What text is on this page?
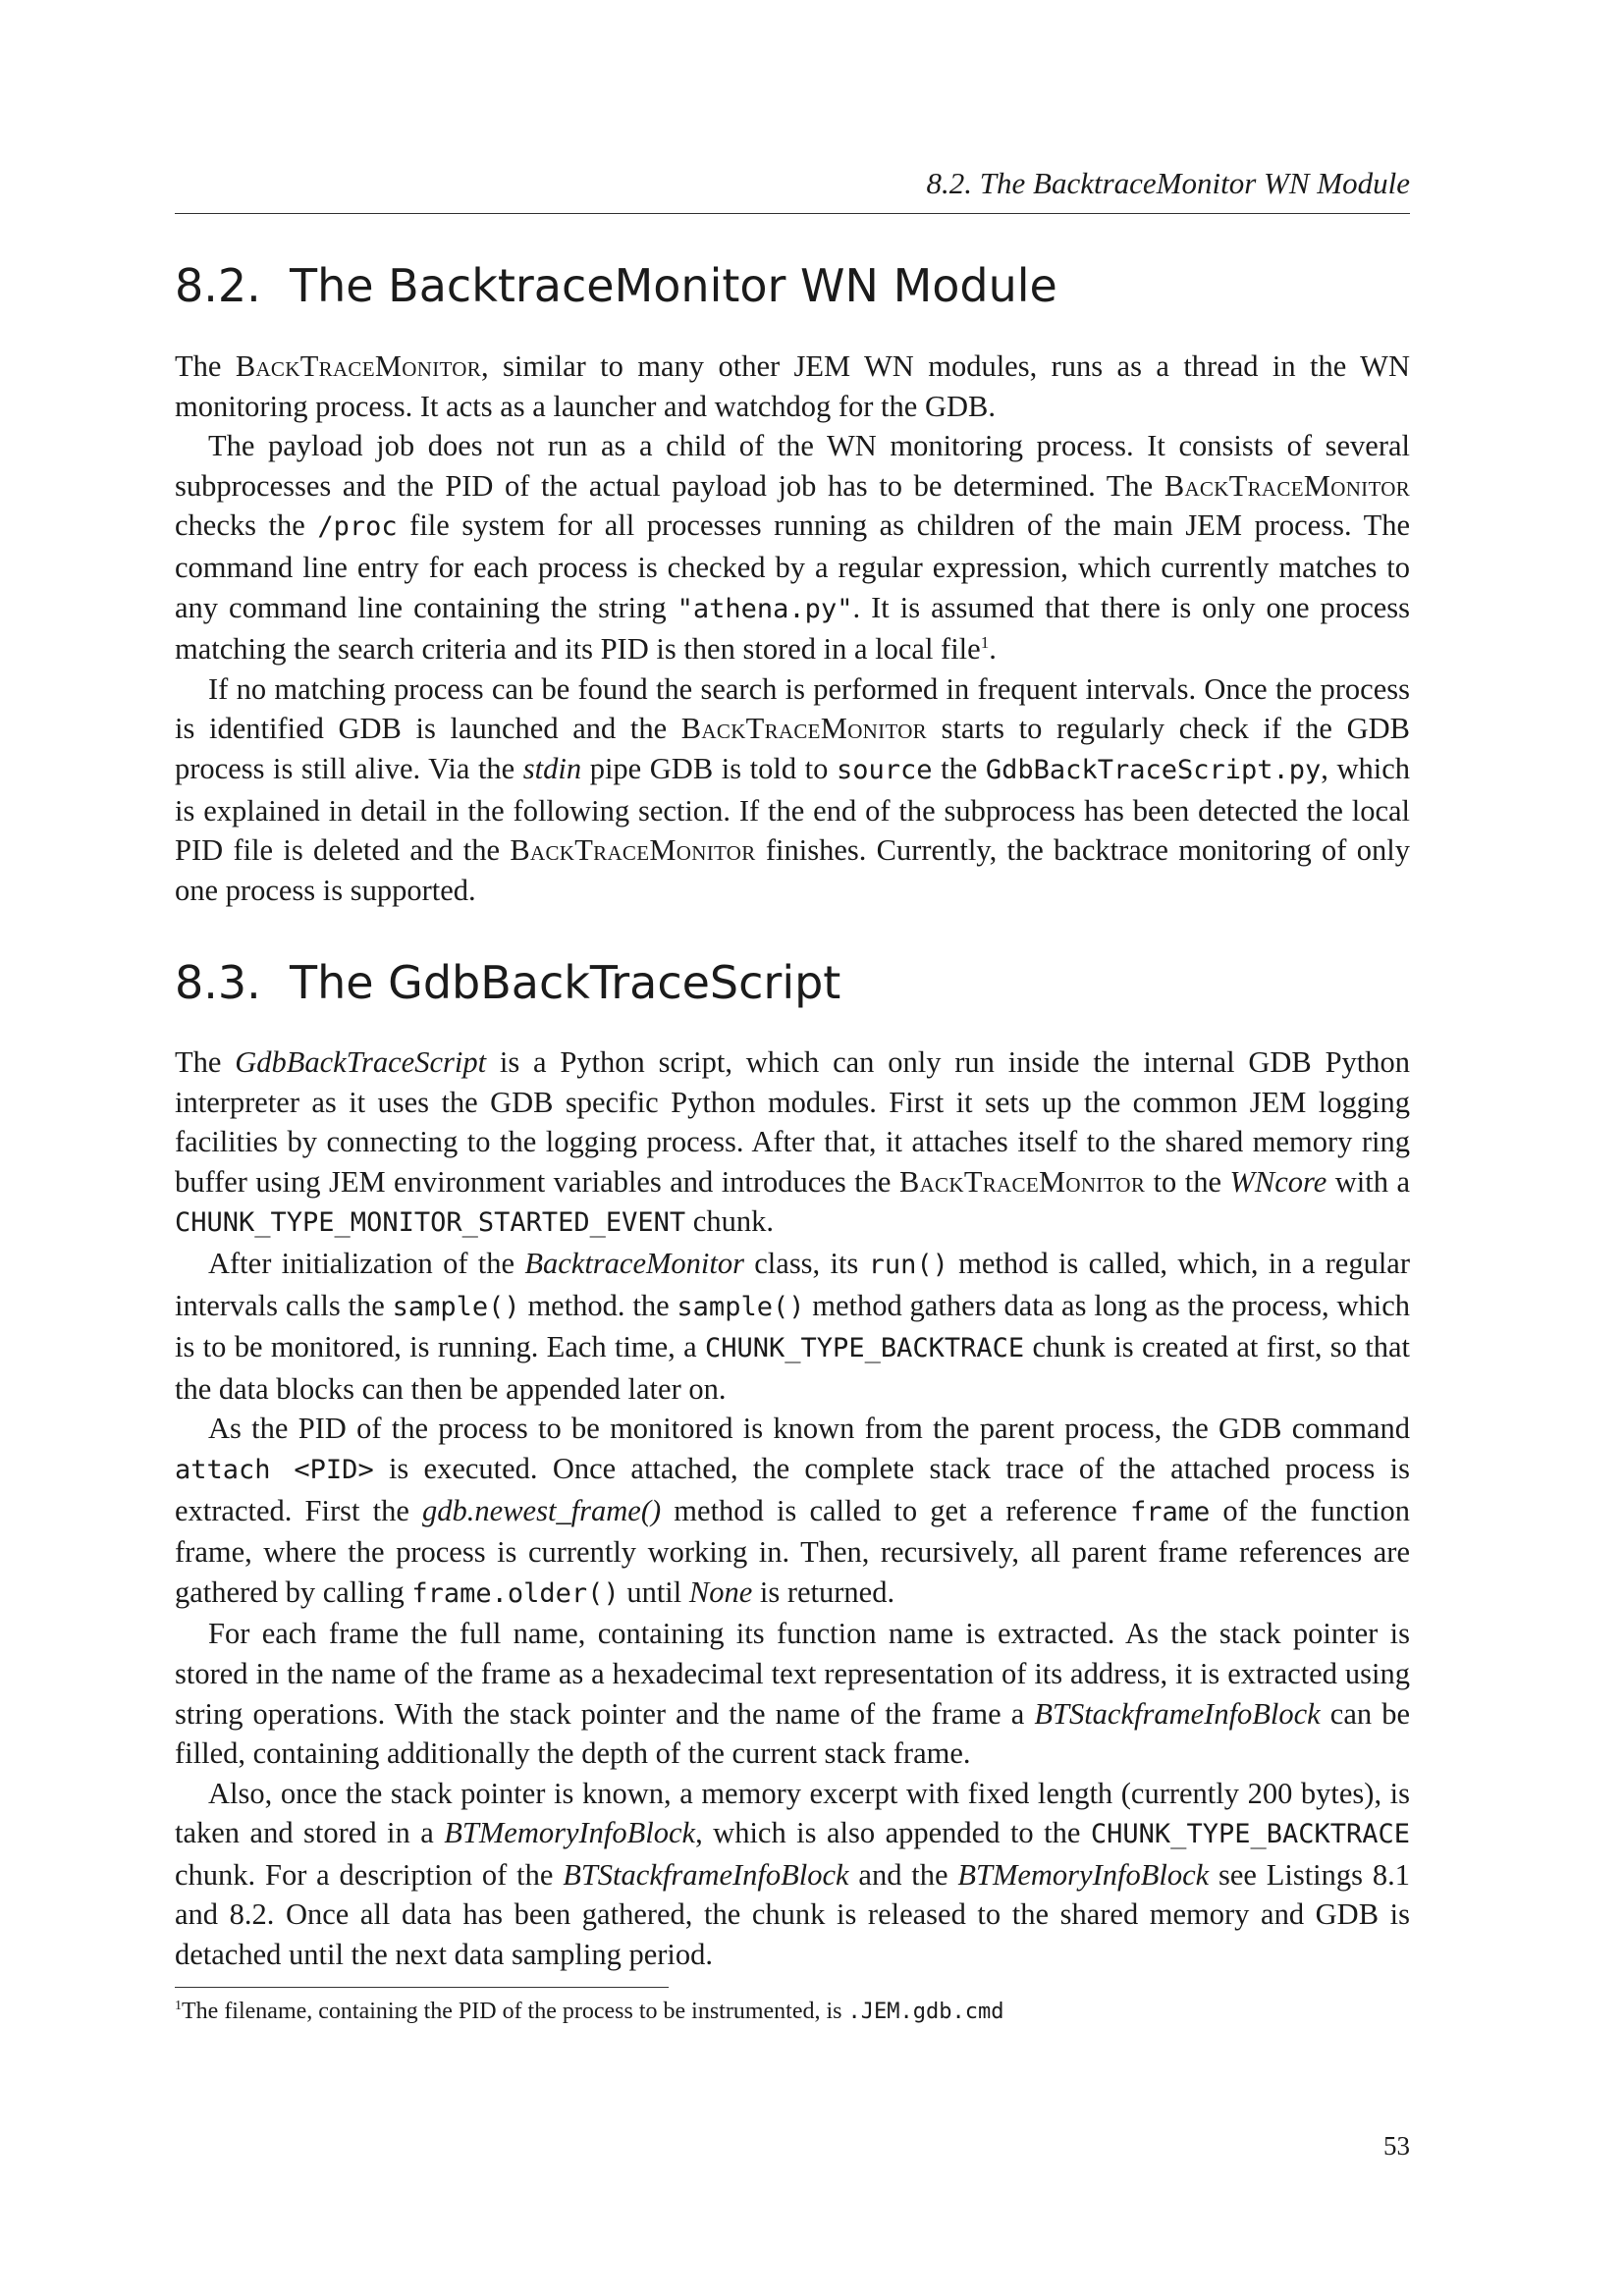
8.2. The BacktraceMonitor WN Module
8.2. The BacktraceMonitor WN Module

The BackTraceMonitor, similar to many other JEM WN modules, runs as a thread in the WN monitoring process. It acts as a launcher and watchdog for the GDB.

The payload job does not run as a child of the WN monitoring process. It consists of several subprocesses and the PID of the actual payload job has to be determined. The BackTraceMonitor checks the /proc file system for all processes running as children of the main JEM process. The command line entry for each process is checked by a regular expression, which currently matches to any command line containing the string "athena.py". It is assumed that there is only one process matching the search criteria and its PID is then stored in a local file$^1$.

If no matching process can be found the search is performed in frequent intervals. Once the process is identified GDB is launched and the BackTraceMonitor starts to regularly check if the GDB process is still alive. Via the stdin pipe GDB is told to source the GdbBackTraceScript.py, which is explained in detail in the following section. If the end of the subprocess has been detected the local PID file is deleted and the BackTraceMonitor finishes. Currently, the backtrace monitoring of only one process is supported.

8.3. The GdbBackTraceScript

The GdbBackTraceScript is a Python script, which can only run inside the internal GDB Python interpreter as it uses the GDB specific Python modules. First it sets up the common JEM logging facilities by connecting to the logging process. After that, it attaches itself to the shared memory ring buffer using JEM environment variables and introduces the BackTraceMonitor to the WNcore with a CHUNK_TYPE_MONITOR_STARTED_EVENT chunk.

After initialization of the BacktraceMonitor class, its run() method is called, which, in a regular intervals calls the sample() method. the sample() method gathers data as long as the process, which is to be monitored, is running. Each time, a CHUNK_TYPE_BACKTRACE chunk is created at first, so that the data blocks can then be appended later on.

As the PID of the process to be monitored is known from the parent process, the GDB command attach <PID> is executed. Once attached, the complete stack trace of the attached process is extracted. First the gdb.newest_frame() method is called to get a reference frame of the function frame, where the process is currently working in. Then, recursively, all parent frame references are gathered by calling frame.older() until None is returned.

For each frame the full name, containing its function name is extracted. As the stack pointer is stored in the name of the frame as a hexadecimal text representation of its address, it is extracted using string operations. With the stack pointer and the name of the frame a BTStackframeInfoBlock can be filled, containing additionally the depth of the current stack frame.

Also, once the stack pointer is known, a memory excerpt with fixed length (currently 200 bytes), is taken and stored in a BTMemoryInfoBlock, which is also appended to the CHUNK_TYPE_BACKTRACE chunk. For a description of the BTStackframeInfoBlock and the BTMemoryInfoBlock see Listings 8.1 and 8.2. Once all data has been gathered, the chunk is released to the shared memory and GDB is detached until the next data sampling period.

$^1$The filename, containing the PID of the process to be instrumented, is .JEM.gdb.cmd
53
